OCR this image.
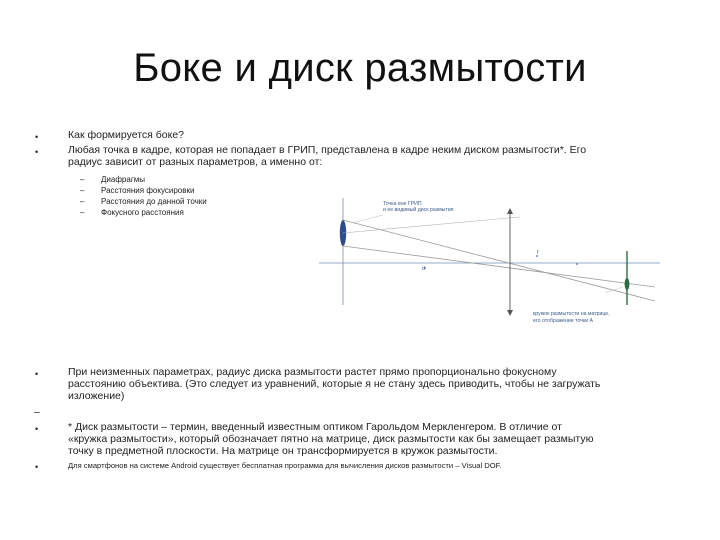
Боке и диск размытости
•	Как формируется боке?
•	Любая точка в кадре, которая не попадает в ГРИП, представлена в кадре неким диском размытости*. Его
радиус зависит от разных параметров, а именно от:
– Диафрагмы
– Расстояния фокусировки
– Расстояния до данной точки
– Фокусного расстояния
Точка вне ГРИП
и ее видимый диск размытия
кружок размытости на матрице,
его отображение точки А
d
f
•	При неизменных параметрах, радиус диска размытости растет прямо пропорционально фокусному
расстоянию объектива. (Это следует из уравнений, которые я не стану здесь приводить, чтобы не загружать
изложение)
–
•	* Диск размытости – термин, введенный известным оптиком Гарольдом Меркленгером. В отличие от
«кружка размытости», который обозначает пятно на матрице, диск размытости как бы замещает размытую
точку в предметной плоскости. На матрице он трансформируется в кружок размытости.
•	Для смартфонов на системе Android существует бесплатная программа для вычисления дисков размытости – Visual DOF.
